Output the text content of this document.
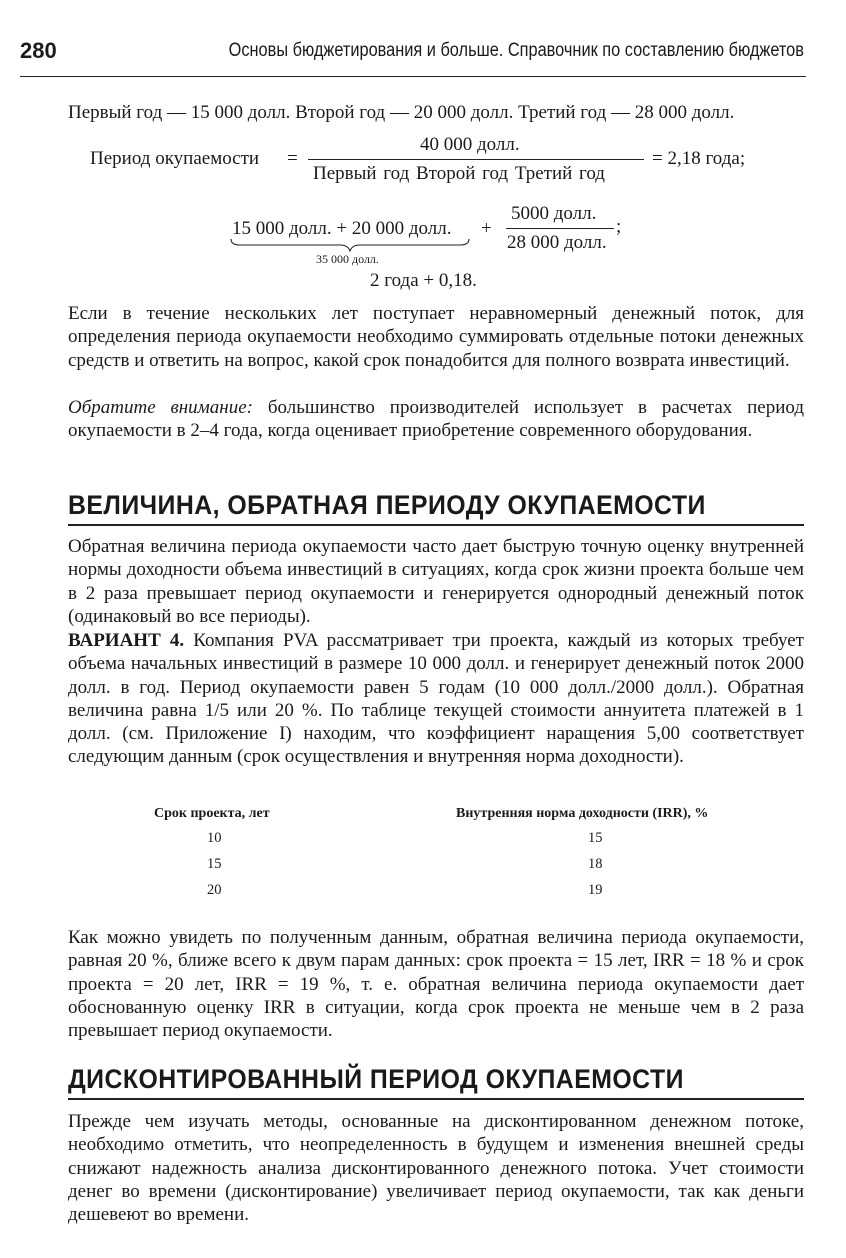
280	Основы бюджетирования и больше. Справочник по составлению бюджетов
Первый год — 15 000 долл. Второй год — 20 000 долл. Третий год — 28 000 долл.
Период окупаемости =
40 000 долл.
Первый год Второй год Третий год
= 2,18 года;
15 000 долл. + 20 000 долл.
35 000 долл.
+
5000 долл.
28 000 долл.
;
2 года + 0,18.
Если в течение нескольких лет поступает неравномерный денежный поток, для определения периода окупаемости необходимо суммировать отдельные потоки денежных средств и ответить на вопрос, какой срок понадобится для полного возврата инвестиций.
Обратите внимание: большинство производителей использует в расчетах период окупаемости в 2–4 года, когда оценивает приобретение современного оборудования.
ВЕЛИЧИНА, ОБРАТНАЯ ПЕРИОДУ ОКУПАЕМОСТИ
Обратная величина периода окупаемости часто дает быструю точную оценку внутренней нормы доходности объема инвестиций в ситуациях, когда срок жизни проекта больше чем в 2 раза превышает период окупаемости и генерируется однородный денежный поток (одинаковый во все периоды).
ВАРИАНТ 4. Компания PVA рассматривает три проекта, каждый из которых требует объема начальных инвестиций в размере 10 000 долл. и генерирует денежный поток 2000 долл. в год. Период окупаемости равен 5 годам (10 000 долл./2000 долл.). Обратная величина равна 1/5 или 20 %. По таблице текущей стоимости аннуитета платежей в 1 долл. (см. Приложение I) находим, что коэффициент наращения 5,00 соответствует следующим данным (срок осуществления и внутренняя норма доходности).
Срок проекта, лет	Внутренняя норма доходности (IRR), %
10	15
15	18
20	19
Как можно увидеть по полученным данным, обратная величина периода окупаемости, равная 20 %, ближе всего к двум парам данных: срок проекта = 15 лет, IRR = 18 % и срок проекта = 20 лет, IRR = 19 %, т. е. обратная величина периода окупаемости дает обоснованную оценку IRR в ситуации, когда срок проекта не меньше чем в 2 раза превышает период окупаемости.
ДИСКОНТИРОВАННЫЙ ПЕРИОД ОКУПАЕМОСТИ
Прежде чем изучать методы, основанные на дисконтированном денежном потоке, необходимо отметить, что неопределенность в будущем и изменения внешней среды снижают надежность анализа дисконтированного денежного потока. Учет стоимости денег во времени (дисконтирование) увеличивает период окупаемости, так как деньги дешевеют во времени.
